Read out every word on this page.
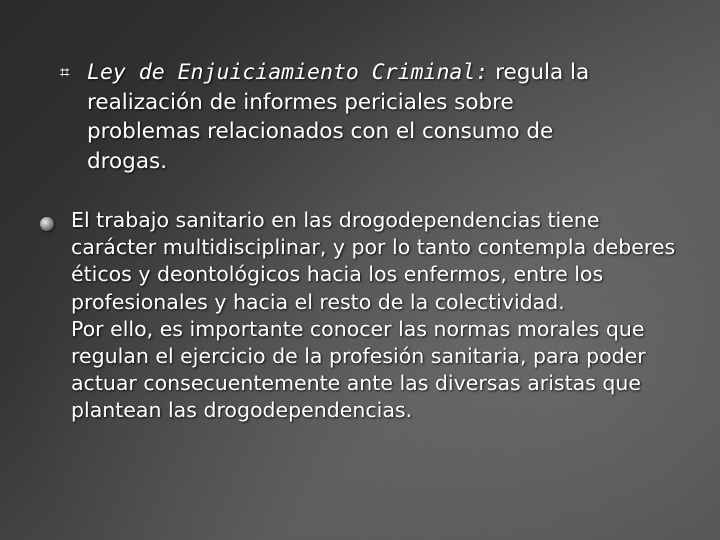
⌗ Ley de Enjuiciamiento Criminal: regula la realización de informes periciales sobre problemas relacionados con el consumo de drogas.

El trabajo sanitario en las drogodependencias tiene carácter multidisciplinar, y por lo tanto contempla deberes éticos y deontológicos hacia los enfermos, entre los profesionales y hacia el resto de la colectividad.

Por ello, es importante conocer las normas morales que regulan el ejercicio de la profesión sanitaria, para poder actuar consecuentemente ante las diversas aristas que plantean las drogodependencias.
